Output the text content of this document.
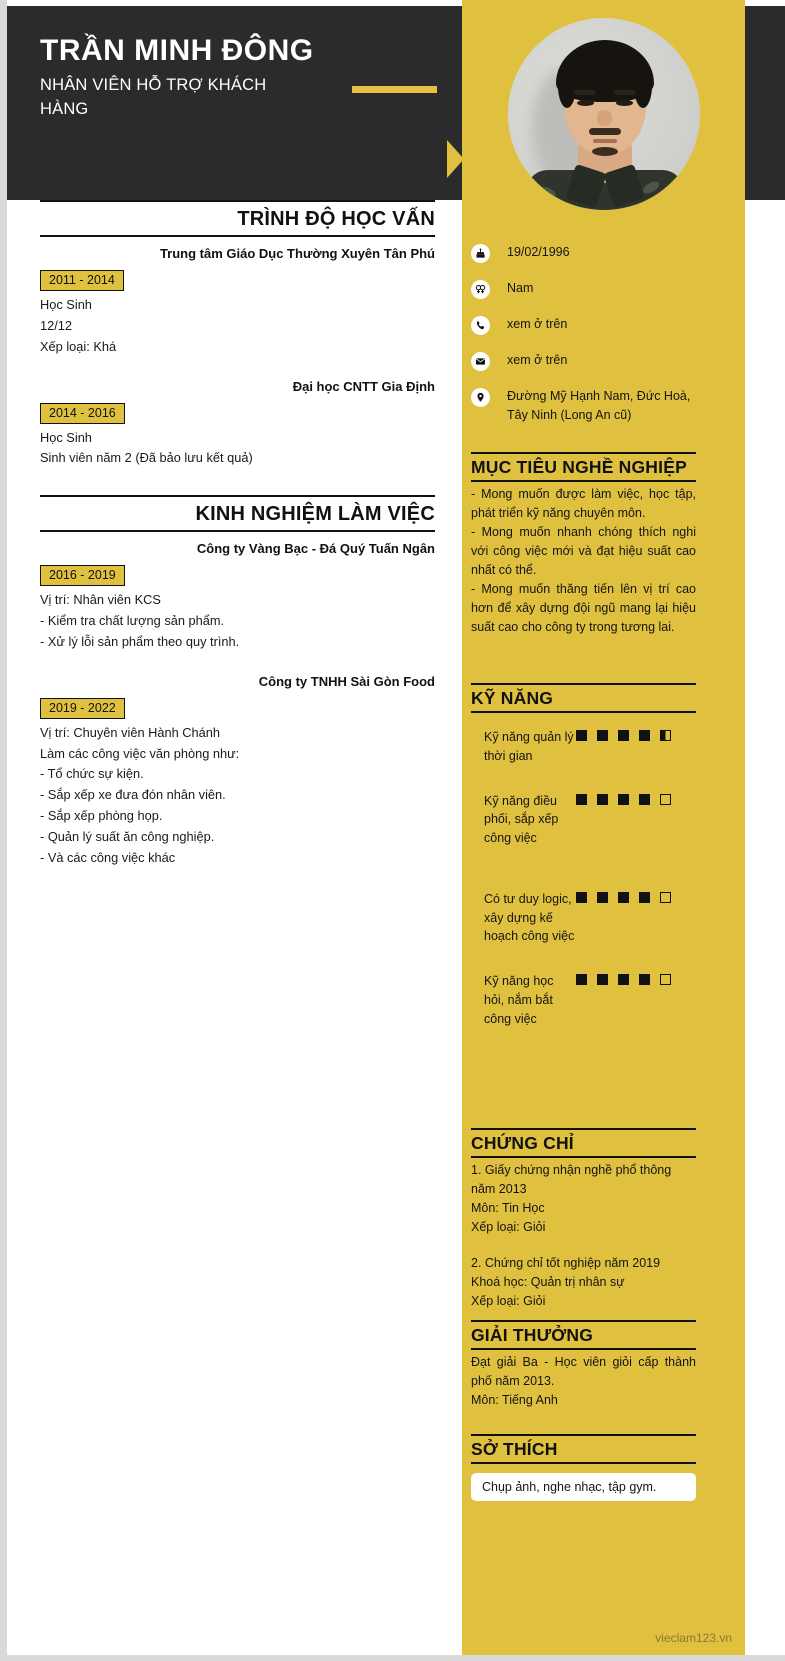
TRẦN MINH ĐÔNG
NHÂN VIÊN HỖ TRỢ KHÁCH HÀNG
19/02/1996
Nam
xem ở trên
xem ở trên
Đường Mỹ Hạnh Nam, Đức Hoà, Tây Ninh (Long An cũ)
MỤC TIÊU NGHỀ NGHIỆP
- Mong muốn được làm việc, học tập, phát triển kỹ năng chuyên môn.
- Mong muốn nhanh chóng thích nghi với công việc mới và đạt hiệu suất cao nhất có thể.
- Mong muốn thăng tiến lên vị trí cao hơn để xây dựng đội ngũ mang lại hiệu suất cao cho công ty trong tương lai.
KỸ NĂNG
Kỹ năng quản lý thời gian
Kỹ năng điều phối, sắp xếp công việc
Có tư duy logic, xây dựng kế hoạch công việc
Kỹ năng học hỏi, nắm bắt công việc
CHỨNG CHỈ
1. Giấy chứng nhận nghề phổ thông năm 2013
Môn: Tin Học
Xếp loại: Giỏi
2. Chứng chỉ tốt nghiệp năm 2019
Khoá học: Quản trị nhân sự
Xếp loại: Giỏi
GIẢI THƯỞNG
Đạt giải Ba - Học viên giỏi cấp thành phố năm 2013.
Môn: Tiếng Anh
SỞ THÍCH
Chụp ảnh, nghe nhạc, tập gym.
vieclam123.vn
TRÌNH ĐỘ HỌC VẤN
Trung tâm Giáo Dục Thường Xuyên Tân Phú
2011 - 2014
Học Sinh
12/12
Xếp loại: Khá
Đại học CNTT Gia Định
2014 - 2016
Học Sinh
Sinh viên năm 2 (Đã bảo lưu kết quả)
KINH NGHIỆM LÀM VIỆC
Công ty Vàng Bạc - Đá Quý Tuấn Ngân
2016 - 2019
Vị trí: Nhân viên KCS
- Kiểm tra chất lượng sản phẩm.
- Xử lý lỗi sản phẩm theo quy trình.
Công ty TNHH Sài Gòn Food
2019 - 2022
Vị trí: Chuyên viên Hành Chánh
Làm các công việc văn phòng như:
- Tổ chức sự kiện.
- Sắp xếp xe đưa đón nhân viên.
- Sắp xếp phòng họp.
- Quản lý suất ăn công nghiệp.
- Và các công việc khác
